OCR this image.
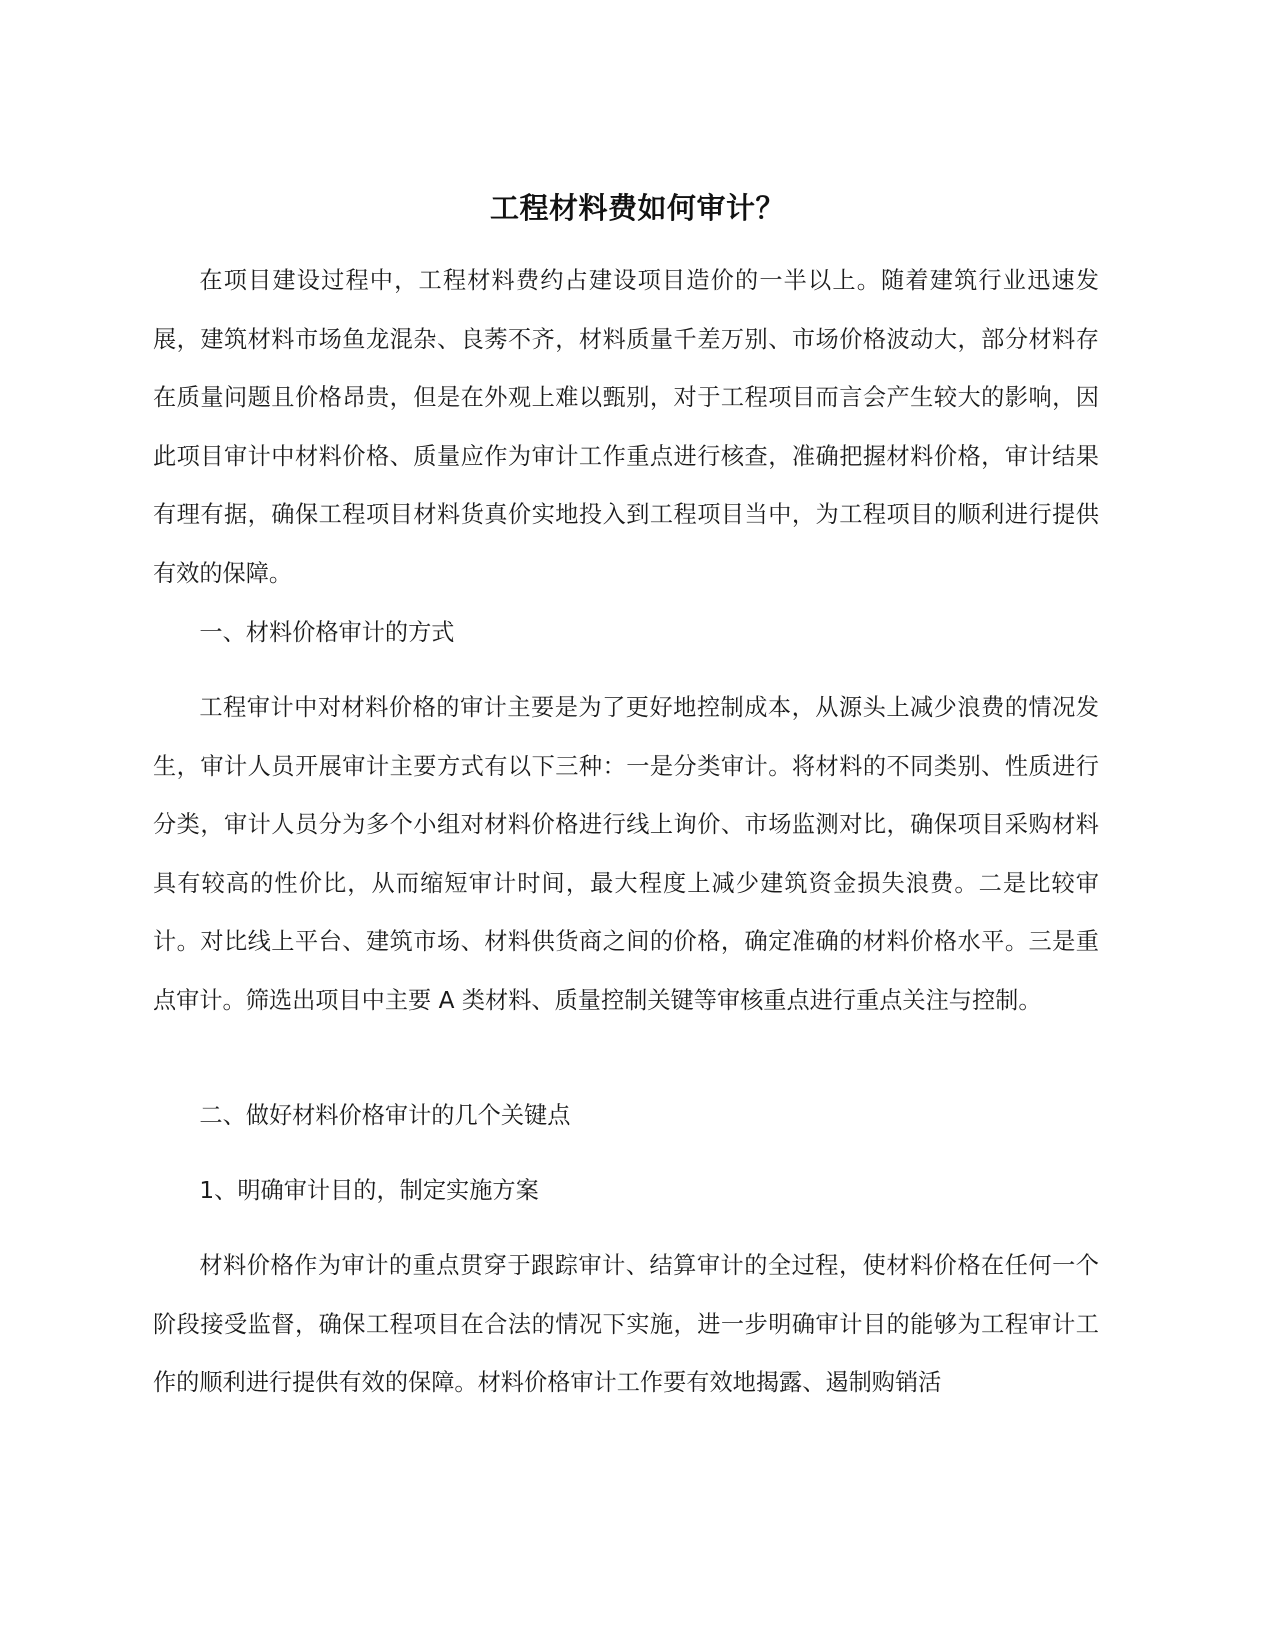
工程材料费如何审计？
在项目建设过程中，工程材料费约占建设项目造价的一半以上。随着建筑行业迅速发展，建筑材料市场鱼龙混杂、良莠不齐，材料质量千差万别、市场价格波动大，部分材料存在质量问题且价格昂贵，但是在外观上难以甄别，对于工程项目而言会产生较大的影响，因此项目审计中材料价格、质量应作为审计工作重点进行核查，准确把握材料价格，审计结果有理有据，确保工程项目材料货真价实地投入到工程项目当中，为工程项目的顺利进行提供有效的保障。
一、材料价格审计的方式
工程审计中对材料价格的审计主要是为了更好地控制成本，从源头上减少浪费的情况发生，审计人员开展审计主要方式有以下三种：一是分类审计。将材料的不同类别、性质进行分类，审计人员分为多个小组对材料价格进行线上询价、市场监测对比，确保项目采购材料具有较高的性价比，从而缩短审计时间，最大程度上减少建筑资金损失浪费。二是比较审计。对比线上平台、建筑市场、材料供货商之间的价格，确定准确的材料价格水平。三是重点审计。筛选出项目中主要 A 类材料、质量控制关键等审核重点进行重点关注与控制。
二、做好材料价格审计的几个关键点
1、明确审计目的，制定实施方案
材料价格作为审计的重点贯穿于跟踪审计、结算审计的全过程，使材料价格在任何一个阶段接受监督，确保工程项目在合法的情况下实施，进一步明确审计目的能够为工程审计工作的顺利进行提供有效的保障。材料价格审计工作要有效地揭露、遏制购销活
